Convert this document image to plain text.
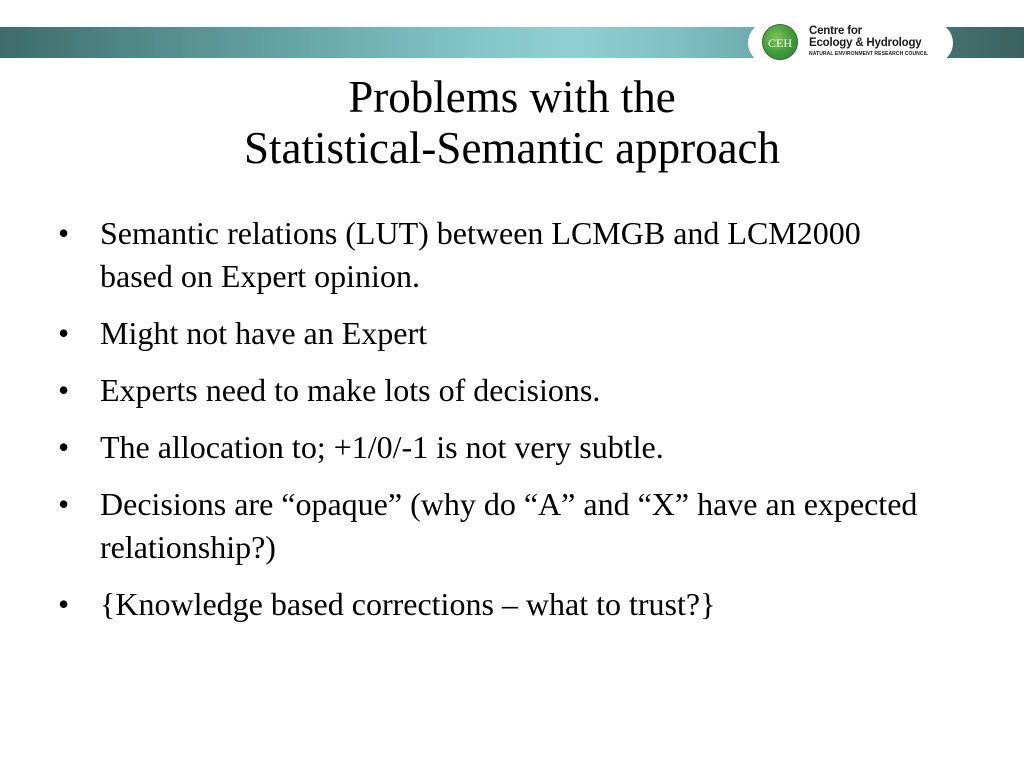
CEH
Centre for
Ecology & Hydrology
NATURAL ENVIRONMENT RESEARCH COUNCIL
Problems with the
Statistical-Semantic approach
• Semantic relations (LUT) between LCMGB and LCM2000 based on Expert opinion.
• Might not have an Expert
• Experts need to make lots of decisions.
• The allocation to; +1/0/-1 is not very subtle.
• Decisions are “opaque” (why do “A” and “X” have an expected relationship?)
• {Knowledge based corrections – what to trust?}
